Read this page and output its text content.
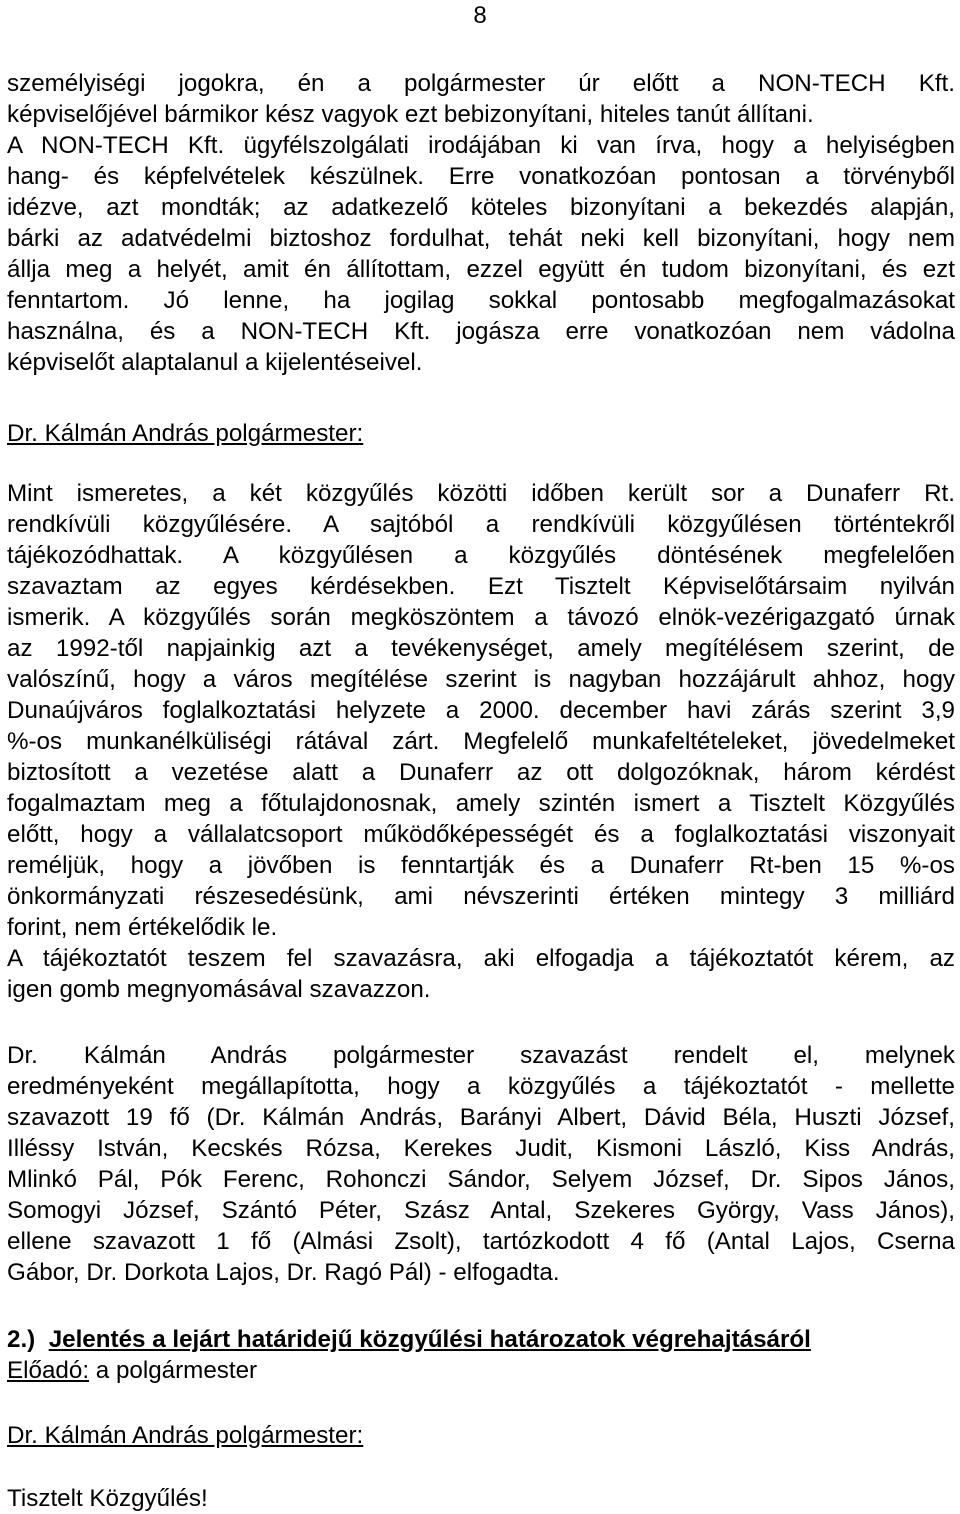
8
személyiségi jogokra, én a polgármester úr előtt a NON-TECH Kft.
képviselőjével bármikor kész vagyok ezt bebizonyítani, hiteles tanút állítani.
A NON-TECH Kft. ügyfélszolgálati irodájában ki van írva, hogy a helyiségben
hang- és képfelvételek készülnek. Erre vonatkozóan pontosan a törvényből
idézve, azt mondták; az adatkezelő köteles bizonyítani a bekezdés alapján,
bárki az adatvédelmi biztoshoz fordulhat, tehát neki kell bizonyítani, hogy nem
állja meg a helyét, amit én állítottam, ezzel együtt én tudom bizonyítani, és ezt
fenntartom. Jó lenne, ha jogilag sokkal pontosabb megfogalmazásokat
használna, és a NON-TECH Kft. jogásza erre vonatkozóan nem vádolna
képviselőt alaptalanul a kijelentéseivel.
Dr. Kálmán András polgármester:
Mint ismeretes, a két közgyűlés közötti időben került sor a Dunaferr Rt.
rendkívüli közgyűlésére. A sajtóból a rendkívüli közgyűlésen történtekről
tájékozódhattak. A közgyűlésen a közgyűlés döntésének megfelelően
szavaztam az egyes kérdésekben. Ezt Tisztelt Képviselőtársaim nyilván
ismerik. A közgyűlés során megköszöntem a távozó elnök-vezérigazgató úrnak
az 1992-től napjainkig azt a tevékenységet, amely megítélésem szerint, de
valószínű, hogy a város megítélése szerint is nagyban hozzájárult ahhoz, hogy
Dunaújváros foglalkoztatási helyzete a 2000. december havi zárás szerint 3,9
%-os munkanélküliségi rátával zárt. Megfelelő munkafeltételeket, jövedelmeket
biztosított a vezetése alatt a Dunaferr az ott dolgozóknak, három kérdést
fogalmaztam meg a főtulajdonosnak, amely szintén ismert a Tisztelt Közgyűlés
előtt, hogy a vállalatcsoport működőképességét és a foglalkoztatási viszonyait
reméljük, hogy a jövőben is fenntartják és a Dunaferr Rt-ben 15 %-os
önkormányzati részesedésünk, ami névszerinti értéken mintegy 3 milliárd
forint, nem értékelődik le.
A tájékoztatót teszem fel szavazásra, aki elfogadja a tájékoztatót kérem, az
igen gomb megnyomásával szavazzon.
Dr. Kálmán András polgármester szavazást rendelt el, melynek
eredményeként megállapította, hogy a közgyűlés a tájékoztatót - mellette
szavazott 19 fő (Dr. Kálmán András, Barányi Albert, Dávid Béla, Huszti József,
Illéssy István, Kecskés Rózsa, Kerekes Judit, Kismoni László, Kiss András,
Mlinkó Pál, Pók Ferenc, Rohonczi Sándor, Selyem József, Dr. Sipos János,
Somogyi József, Szántó Péter, Szász Antal, Szekeres György, Vass János),
ellene szavazott 1 fő (Almási Zsolt), tartózkodott 4 fő (Antal Lajos, Cserna
Gábor, Dr. Dorkota Lajos, Dr. Ragó Pál) - elfogadta.
2.) Jelentés a lejárt határidejű közgyűlési határozatok végrehajtásáról
Előadó: a polgármester
Dr. Kálmán András polgármester:
Tisztelt Közgyűlés!
